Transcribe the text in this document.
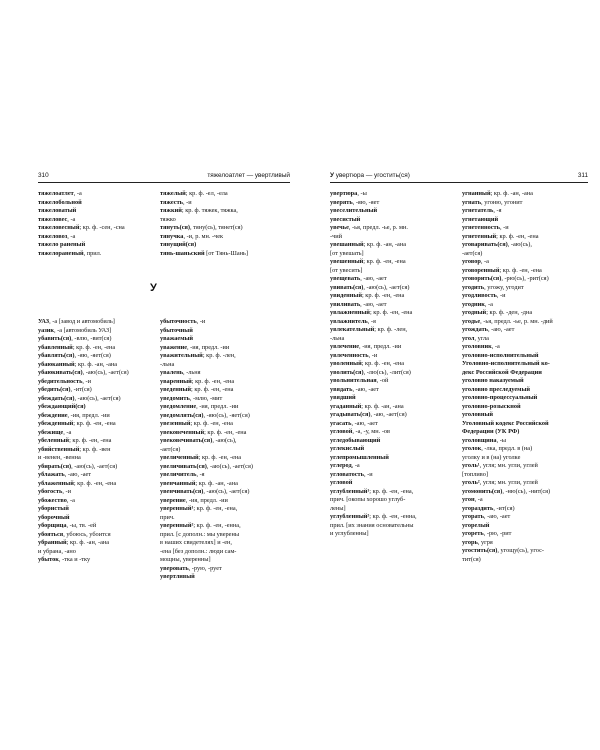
310	тяжелоатлет — увертливый

тяжелоатлет, -а

тяжелобольной

тяжеловатый

тяжеловес, -а

тяжеловесный; кр. ф. -сен, -сна

тяжеловоз, -а

тяжело раненый

тяжелораненый, прил.

УАЗ, -а [завод и автомобиль]

уазик, -а [автомобиль УАЗ]

убавить(ся), -влю, -вит(ся)

убавленный; кр. ф. -ен, -ена

убавлять(ся), -яю, -яет(ся)

убаюканный; кр. ф. -ан, -ана

убаюкивать(ся), -аю(сь), -ает(ся)

убедительность, -и

убедить(ся), -ит(ся)

убеждать(ся), -аю(сь), -ает(ся)

убеждающий(ся)

убеждение, -ия, предл. -ии

убежденный; кр. ф. -ен, -ена

убежище, -а

убеленный; кр. ф. -ен, -ена

убийственный; кр. ф. -вен

и -венен, -венна

убирать(ся), -аю(сь), -ает(ся)

ублажать, -аю, -ает

ублаженный; кр. ф. -ен, -ена

убогость, -и

убожество, -а

убористый

уборочный

уборщица, -ы, тв. -ей

убояться, убоюсь, убоится

убранный; кр. ф. -ан, -ана

и убрана, -ано

убыток, -тка и -тку

тяжелый; кр. ф. -ел, -ела

тяжесть, -и

тяжкий; кр. ф. тяжек, тяжка,

тяжко

тянуть(ся), тяну(сь), тянет(ся)

тянучка, -и, р. мн. -чек

тянущий(ся)

тянь-шаньский [от Тянь-Шань]

У

убыточность, -и

убыточный

уважаемый

уважение, -ия, предл. -ии

уважительный; кр. ф. -лен,

-льна

увалень, -льня

уваренный; кр. ф. -ен, -ена

уведенный; кр. ф. -ен, -ена

уведомить, -млю, -мит

уведомление, -ия, предл. -ии

уведомлять(ся), -яю(сь), -яет(ся)

увезенный; кр. ф. -ен, -ена

увековеченный; кр. ф. -ен, -ена

увековечивать(ся), -аю(сь),

-ает(ся)

увеличенный; кр. ф. -ен, -ена

увеличивать(ся), -аю(сь), -ает(ся)

увеличитель, -я

увенчанный; кр. ф. -ан, -ана

увенчивать(ся), -аю(сь), -ает(ся)

уверение, -ия, предл. -ии

уверенный¹; кр. ф. -ен, -ена,

прич.

уверенный²; кр. ф. -ен, -енна,

прил. [с дополн.: мы уверены

в наших свидетелях] и -ен,

-ена [без дополн.: люди сам-

мощны, уверенны]

уверовать, -рую, -рует

увертливый

У увертюра — угостить(ся)	311

увертюра, -ы

уверять, -яю, -яет

увеселительный

увесистый

увечье, -ья, предл. -ье, р. мн.

-чий

увешанный; кр. ф. -ан, -ана

[от увешать]

увешенный; кр. ф. -ен, -ена

[от увесить]

увещевать, -аю, -ает

увивать(ся), -аю(сь), -ает(ся)

увиденный; кр. ф. -ен, -ена

увиливать, -аю, -ает

увлажненный; кр. ф. -ен, -ена

увлажнитель, -я

увлекательный; кр. ф. -лен,

-льна

увлечение, -ия, предл. -ии

увлеченность, -и

уволенный; кр. ф. -ен, -ена

уволить(ся), -лю(сь), -лит(ся)

увольнительная, -ой

увядать, -аю, -ает

увядший

угаданный; кр. ф. -ан, -ана

угадывать(ся), -аю, -ает(ся)

угасать, -аю, -ает

угловой, -а, -у, мн. -ов

угледобывающий

углекислый

углепромышленный

углерод, -а

угловатость, -и

угловой

углубленный¹; кр. ф. -ен, -ена,

прич. [окопы хорошо углуб-

лены]

углубленный²; кр. ф. -ен, -енна,

прил. [их знания основательны

и углубленны]

угнанный; кр. ф. -ан, -ана

угнать, угоню, угонит

угнетатель, -я

угнетающий

угнетенность, -и

угнетенный; кр. ф. -ен, -ена

уговаривать(ся), -аю(сь),

-ает(ся)

уговор, -а

уговоренный; кр. ф. -ен, -ена

уговорить(ся), -рю(сь), -рит(ся)

угодить, угожу, угодит

угодливость, -и

угодник, -а

угодный; кр. ф. -ден, -дна

угодье, -ья, предл. -ье, р. мн. -дий

угождать, -аю, -ает

угол, угла

уголовник, -а

уголовно-исполнительный

Уголовно-исполнительный ко-

декс Российской Федерации

уголовно наказуемый

уголовно преследуемый

уголовно-процессуальный

уголовно-розыскной

уголовный

Уголовный кодекс Российской

Федерации (УК РФ)

уголовщина, -ы

уголок, -лка, предл. в (на)

уголку и в (на) уголке

уголь¹, угля; мн. угли, углей

[топливо]

уголь², угля; мн. угли, углей

угомонить(ся), -ню(сь), -нит(ся)

угон, -а

угораздить, -ит(ся)

угорать, -аю, -ает

угорелый

угореть, -рю, -рит

угорь, угря

угостить(ся), угощу(сь), угос-

тит(ся)
